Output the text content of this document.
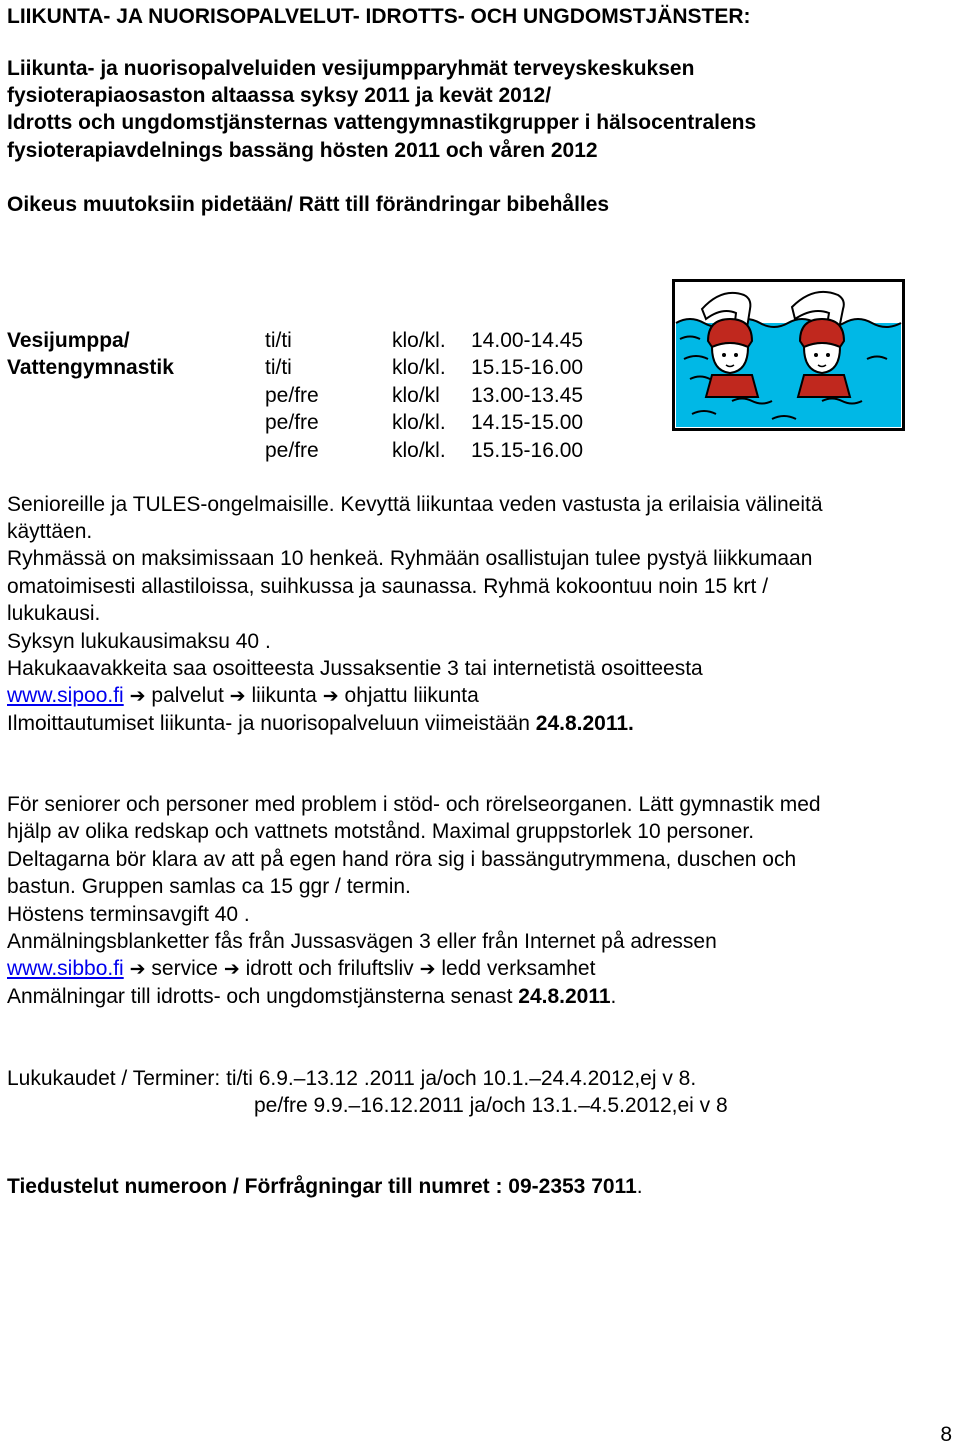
LIIKUNTA- JA NUORISOPALVELUT- IDROTTS- OCH UNGDOMSTJÄNSTER:
Liikunta- ja nuorisopalveluiden vesijumpparyhmät terveyskeskuksen
fysioterapiaosaston altaassa syksy 2011 ja kevät 2012/
Idrotts och ungdomstjänsternas vattengymnastikgrupper i hälsocentralens
fysioterapiavdelnings bassäng hösten 2011 och våren 2012
Oikeus muutoksiin pidetään/ Rätt till förändringar bibehålles
Vesijumppa/
Vattengymnastik
ti/ti	klo/kl. 14.00-14.45
ti/ti	klo/kl. 15.15-16.00
pe/fre	klo/kl 13.00-13.45
pe/fre	klo/kl. 14.15-15.00
pe/fre	klo/kl. 15.15-16.00
Senioreille ja TULES-ongelmaisille. Kevyttä liikuntaa veden vastusta ja erilaisia välineitä
käyttäen.
Ryhmässä on maksimissaan 10 henkeä. Ryhmään osallistujan tulee pystyä liikkumaan
omatoimisesti allastiloissa, suihkussa ja saunassa. Ryhmä kokoontuu noin 15 krt /
lukukausi.
Syksyn lukukausimaksu 40 .
Hakukaavakkeita saa osoitteesta Jussaksentie 3 tai internetistä osoitteesta
www.sipoo.fi ➔ palvelut ➔ liikunta ➔ ohjattu liikunta
Ilmoittautumiset liikunta- ja nuorisopalveluun viimeistään 24.8.2011.
För seniorer och personer med problem i stöd- och rörelseorganen. Lätt gymnastik med
hjälp av olika redskap och vattnets motstånd. Maximal gruppstorlek 10 personer.
Deltagarna bör klara av att på egen hand röra sig i bassängutrymmena, duschen och
bastun. Gruppen samlas ca 15 ggr / termin.
Höstens terminsavgift 40 .
Anmälningsblanketter fås från Jussasvägen 3 eller från Internet på adressen
www.sibbo.fi ➔ service ➔ idrott och friluftsliv ➔ ledd verksamhet
Anmälningar till idrotts- och ungdomstjänsterna senast 24.8.2011.
Lukukaudet / Terminer: ti/ti 6.9.–13.12 .2011 ja/och 10.1.–24.4.2012,ej v 8.
pe/fre 9.9.–16.12.2011 ja/och 13.1.–4.5.2012,ei v 8
Tiedustelut numeroon / Förfrågningar till numret : 09-2353 7011.
8
